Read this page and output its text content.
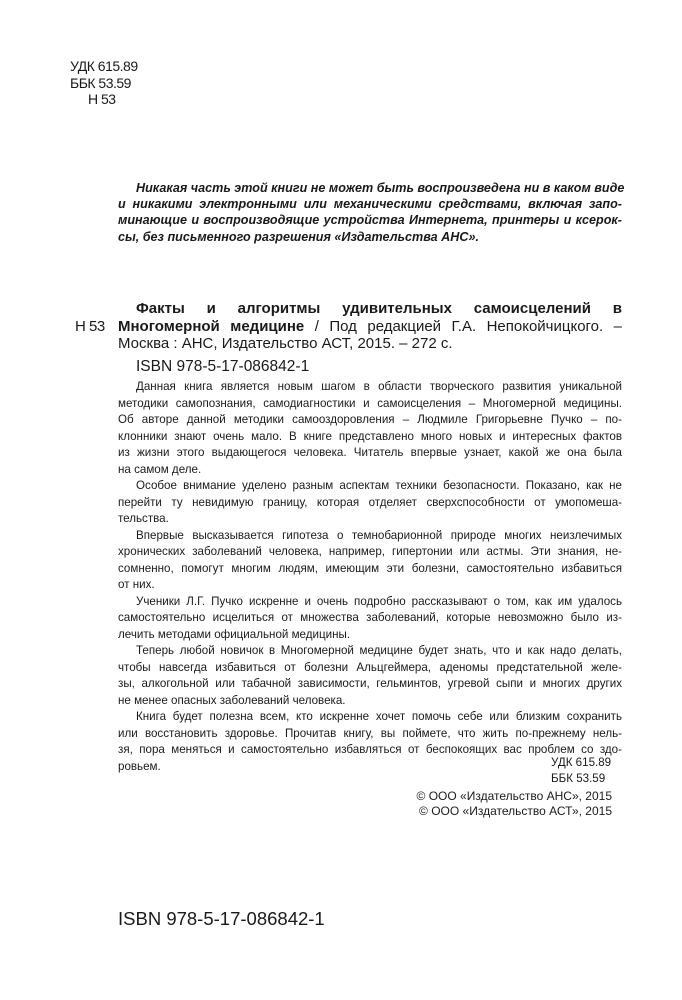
УДК 615.89
ББК 53.59
Н 53
Никакая часть этой книги не может быть воспроизведена ни в каком виде
и никакими электронными или механическими средствами, включая запо-
минающие и воспроизводящие устройства Интернета, принтеры и ксерок-
сы, без письменного разрешения «Издательства АНС».
Н 53
Факты и алгоритмы удивительных самоисцелений в
Многомерной медицине / Под редакцией Г.А. Непокойчицкого. –
Москва : АНС, Издательство АСТ, 2015. – 272 с.
ISBN 978-5-17-086842-1
Данная книга является новым шагом в области творческого развития уникальной
методики самопознания, самодиагностики и самоисцеления – Многомерной медицины.
Об авторе данной методики самооздоровления – Людмиле Григорьевне Пучко – по-
клонники знают очень мало. В книге представлено много новых и интересных фактов
из жизни этого выдающегося человека. Читатель впервые узнает, какой же она была
на самом деле.
Особое внимание уделено разным аспектам техники безопасности. Показано, как не
перейти ту невидимую границу, которая отделяет сверхспособности от умопомеша-
тельства.
Впервые высказывается гипотеза о темнобарионной природе многих неизлечимых
хронических заболеваний человека, например, гипертонии или астмы. Эти знания, не-
сомненно, помогут многим людям, имеющим эти болезни, самостоятельно избавиться
от них.
Ученики Л.Г. Пучко искренне и очень подробно рассказывают о том, как им удалось
самостоятельно исцелиться от множества заболеваний, которые невозможно было из-
лечить методами официальной медицины.
Теперь любой новичок в Многомерной медицине будет знать, что и как надо делать,
чтобы навсегда избавиться от болезни Альцгеймера, аденомы предстательной желе-
зы, алкогольной или табачной зависимости, гельминтов, угревой сыпи и многих других
не менее опасных заболеваний человека.
Книга будет полезна всем, кто искренне хочет помочь себе или близким сохранить
или восстановить здоровье. Прочитав книгу, вы поймете, что жить по-прежнему нель-
зя, пора меняться и самостоятельно избавляться от беспокоящих вас проблем со здо-
ровьем.	УДК 615.89
ББК 53.59
© ООО «Издательство АНС», 2015
© ООО «Издательство АСТ», 2015
ISBN 978-5-17-086842-1
